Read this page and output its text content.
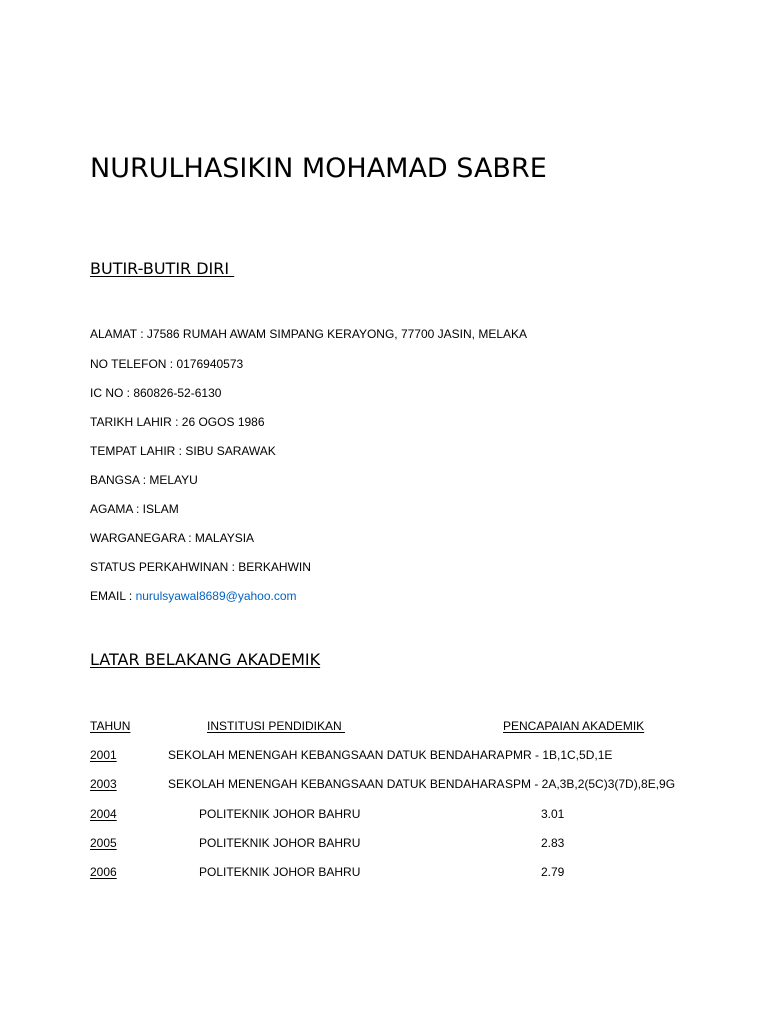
NURULHASIKIN MOHAMAD SABRE
BUTIR-BUTIR DIRI

ALAMAT : J7586 RUMAH AWAM SIMPANG KERAYONG, 77700 JASIN, MELAKA

NO TELEFON : 0176940573

IC NO : 860826-52-6130

TARIKH LAHIR : 26 OGOS 1986

TEMPAT LAHIR : SIBU SARAWAK

BANGSA : MELAYU

AGAMA : ISLAM

WARGANEGARA : MALAYSIA

STATUS PERKAHWINAN : BERKAHWIN

EMAIL : nurulsyawal8689@yahoo.com

LATAR BELAKANG AKADEMIK

TAHUN	INSTITUSI PENDIDIKAN	PENCAPAIAN AKADEMIK

2001	SEKOLAH MENENGAH KEBANGSAAN DATUK BENDAHARA PMR - 1B,1C,5D,1E

2003	SEKOLAH MENENGAH KEBANGSAAN DATUK BENDAHARA SPM - 2A,3B,2(5C)3(7D),8E,9G

2004	POLITEKNIK JOHOR BAHRU	3.01

2005	POLITEKNIK JOHOR BAHRU	2.83

2006	POLITEKNIK JOHOR BAHRU	2.79
